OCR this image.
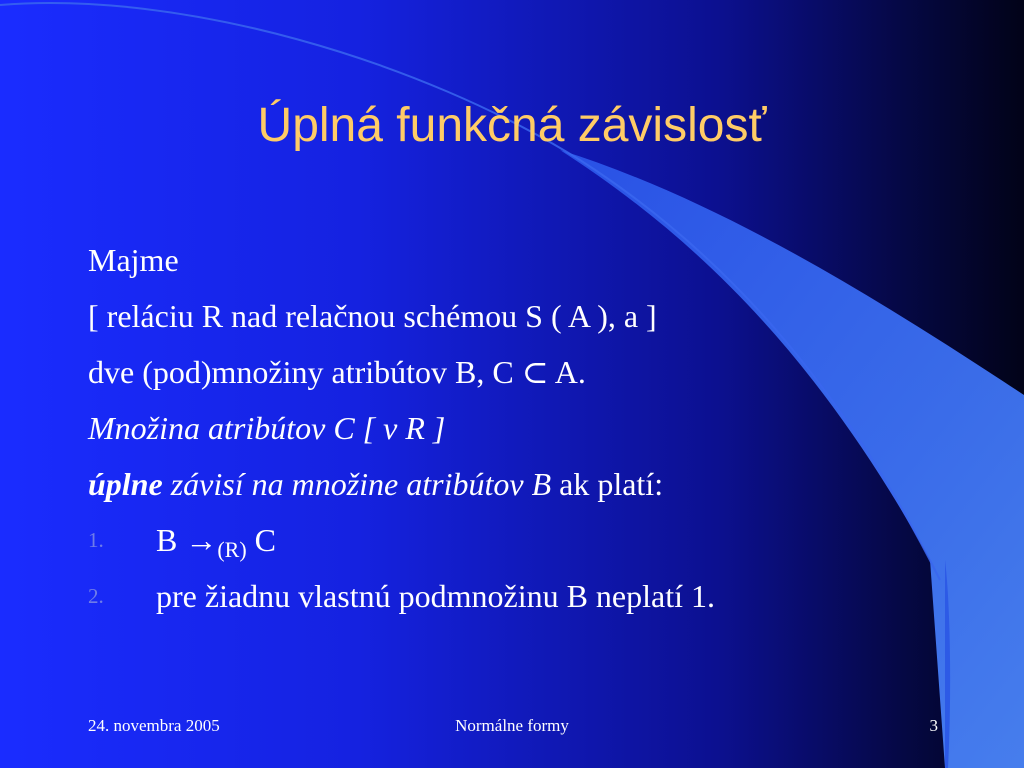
Úplná funkčná závislosť
Majme
[ reláciu R nad relačnou schémou S ( A ), a ]
dve (pod)množiny atribútov B, C ⊂ A.
Množina atribútov C [ v R ]
úplne závisí na množine atribútov B ak platí:
1. $B \to_{(R)}$ C
2. pre žiadnu vlastnú podmnožinu B neplatí 1.
24. novembra 2005	Normálne formy	3
